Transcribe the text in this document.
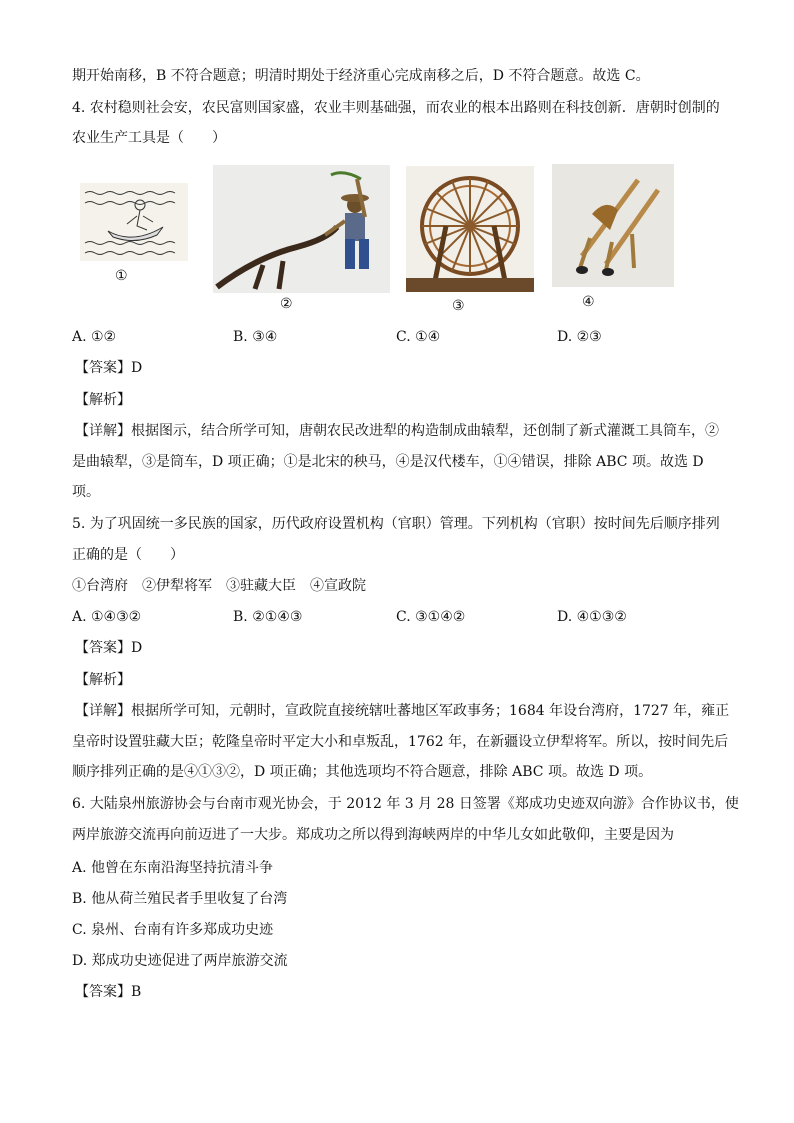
期开始南移，B 不符合题意；明清时期处于经济重心完成南移之后，D 不符合题意。故选 C。
4. 农村稳则社会安，农民富则国家盛，农业丰则基础强，而农业的根本出路则在科技创新．唐朝时创制的
农业生产工具是（　　）
①
②	③	④
A. ①②	B. ③④	C. ①④	D. ②③
【答案】D
【解析】
【详解】根据图示，结合所学可知，唐朝农民改进犁的构造制成曲辕犁，还创制了新式灌溉工具筒车，②
是曲辕犁，③是筒车，D 项正确；①是北宋的秧马，④是汉代楼车，①④错误，排除 ABC 项。故选 D
项。
5. 为了巩固统一多民族的国家，历代政府设置机构（官职）管理。下列机构（官职）按时间先后顺序排列
正确的是（　　）
①台湾府　②伊犁将军　③驻藏大臣　④宣政院
A. ①④③②	B. ②①④③	C. ③①④②	D. ④①③②
【答案】D
【解析】
【详解】根据所学可知，元朝时，宣政院直接统辖吐蕃地区军政事务；1684 年设台湾府，1727 年，雍正
皇帝时设置驻藏大臣；乾隆皇帝时平定大小和卓叛乱，1762 年，在新疆设立伊犁将军。所以，按时间先后
顺序排列正确的是④①③②，D 项正确；其他选项均不符合题意，排除 ABC 项。故选 D 项。
6. 大陆泉州旅游协会与台南市观光协会，于 2012 年 3 月 28 日签署《郑成功史迹双向游》合作协议书，使
两岸旅游交流再向前迈进了一大步。郑成功之所以得到海峡两岸的中华儿女如此敬仰，主要是因为
A. 他曾在东南沿海坚持抗清斗争
B. 他从荷兰殖民者手里收复了台湾
C. 泉州、台南有许多郑成功史迹
D. 郑成功史迹促进了两岸旅游交流
【答案】B
